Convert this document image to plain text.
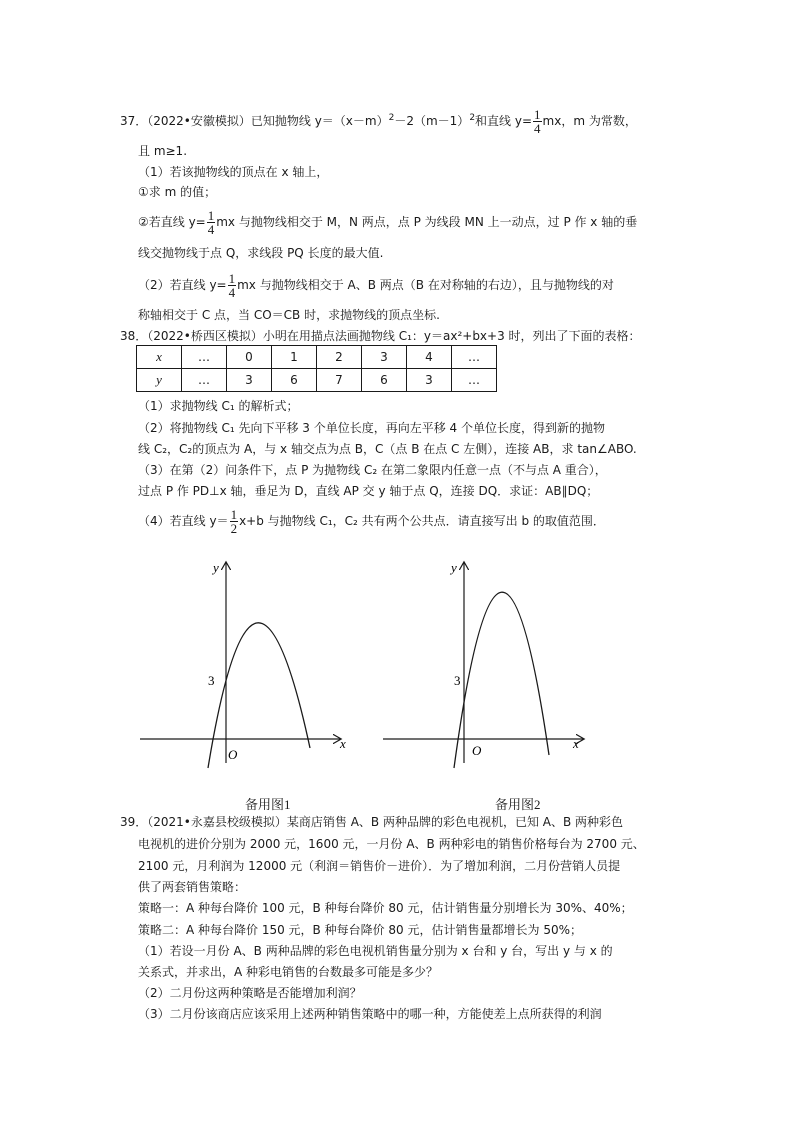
37．（2022•安徽模拟）已知抛物线 $y=(x-m)^2-2(m-1)^2$和直线 $y= \frac{1}{4}$ mx，m 为常数，
且 m≥1.
（1）若该抛物线的顶点在 x 轴上，
①求 m 的值；
②若直线 $y= \frac{1}{4}$ mx 与抛物线相交于 M，N 两点，点 P 为线段 MN 上一动点，过 P 作 x 轴的垂
线交抛物线于点 Q，求线段 PQ 长度的最大值.
（2）若直线 $y= \frac{1}{4}$ mx 与抛物线相交于 A、B 两点（B 在对称轴的右边），且与抛物线的对
称轴相交于 C 点，当 CO＝CB 时，求抛物线的顶点坐标.
38．（2022•桥西区模拟）小明在用描点法画抛物线 C₁：y＝ax²+bx+3 时，列出了下面的表格：
x	…	0	1	2	3	4	…
y	…	3	6	7	6	3	…
（1）求抛物线 C₁ 的解析式；
（2）将抛物线 C₁ 先向下平移 3 个单位长度，再向左平移 4 个单位长度，得到新的抛物
线 C₂，C₂的顶点为 A，与 x 轴交点为点 B，C（点 B 在点 C 左侧），连接 AB，求 tan∠ABO.
（3）在第（2）问条件下，点 P 为抛物线 C₂ 在第二象限内任意一点（不与点 A 重合），
过点 P 作 PD⊥x 轴，垂足为 D，直线 AP 交 y 轴于点 Q，连接 DQ．求证：AB∥DQ；
（4）若直线 $y= \frac{1}{2} x+b$ 与抛物线 C₁，C₂ 共有两个公共点．请直接写出 b 的取值范围．
y
x
O
3
备用图1
y
x
O
3
备用图2
39．（2021•永嘉县校级模拟）某商店销售 A、B 两种品牌的彩色电视机，已知 A、B 两种彩色
电视机的进价分别为 2000 元，1600 元，一月份 A、B 两种彩电的销售价格每台为 2700 元、
2100 元，月利润为 12000 元（利润＝销售价－进价）．为了增加利润，二月份营销人员提
供了两套销售策略：
策略一：A 种每台降价 100 元，B 种每台降价 80 元，估计销售量分别增长为 30%、40%；
策略二：A 种每台降价 150 元，B 种每台降价 80 元，估计销售量都增长为 50%；
（1）若设一月份 A、B 两种品牌的彩色电视机销售量分别为 x 台和 y 台，写出 y 与 x 的
关系式，并求出，A 种彩电销售的台数最多可能是多少？
（2）二月份这两种策略是否能增加利润？
（3）二月份该商店应该采用上述两种销售策略中的哪一种，方能使差上点所获得的利润
